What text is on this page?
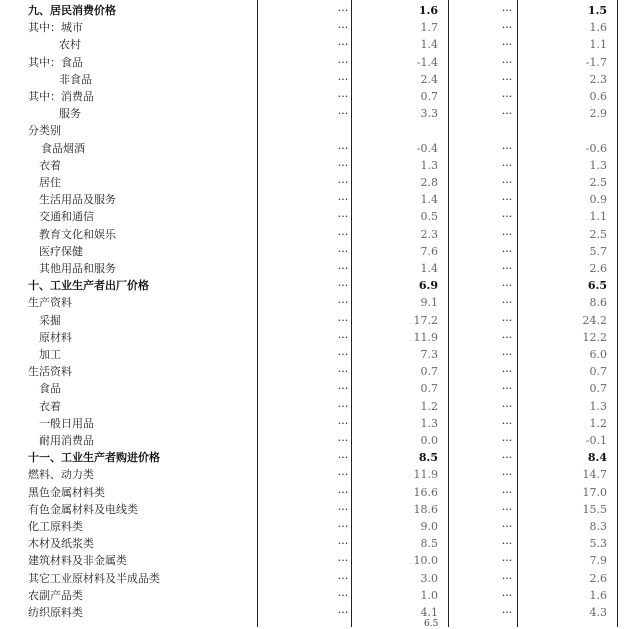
九、居民消费价格	···	1.6	···	1.5
其中：城市	···	1.7	···	1.6
农村	···	1.4	···	1.1
其中：食品	···	-1.4	···	-1.7
非食品	···	2.4	···	2.3
其中：消费品	···	0.7	···	0.6
服务	···	3.3	···	2.9
分类别
食品烟酒	···	-0.4	···	-0.6
衣着	···	1.3	···	1.3
居住	···	2.8	···	2.5
生活用品及服务	···	1.4	···	0.9
交通和通信	···	0.5	···	1.1
教育文化和娱乐	···	2.3	···	2.5
医疗保健	···	7.6	···	5.7
其他用品和服务	···	1.4	···	2.6
十、工业生产者出厂价格	···	6.9	···	6.5
生产资料	···	9.1	···	8.6
采掘	···	17.2	···	24.2
原材料	···	11.9	···	12.2
加工	···	7.3	···	6.0
生活资料	···	0.7	···	0.7
食品	···	0.7	···	0.7
衣着	···	1.2	···	1.3
一般日用品	···	1.3	···	1.2
耐用消费品	···	0.0	···	-0.1
十一、工业生产者购进价格	···	8.5	···	8.4
燃料、动力类	···	11.9	···	14.7
黑色金属材料类	···	16.6	···	17.0
有色金属材料及电线类	···	18.6	···	15.5
化工原料类	···	9.0	···	8.3
木材及纸浆类	···	8.5	···	5.3
建筑材料及非金属类	···	10.0	···	7.9
其它工业原材料及半成品类	···	3.0	···	2.6
农副产品类	···	1.0	···	1.6
纺织原料类	···	4.1	···	4.3
6.5
